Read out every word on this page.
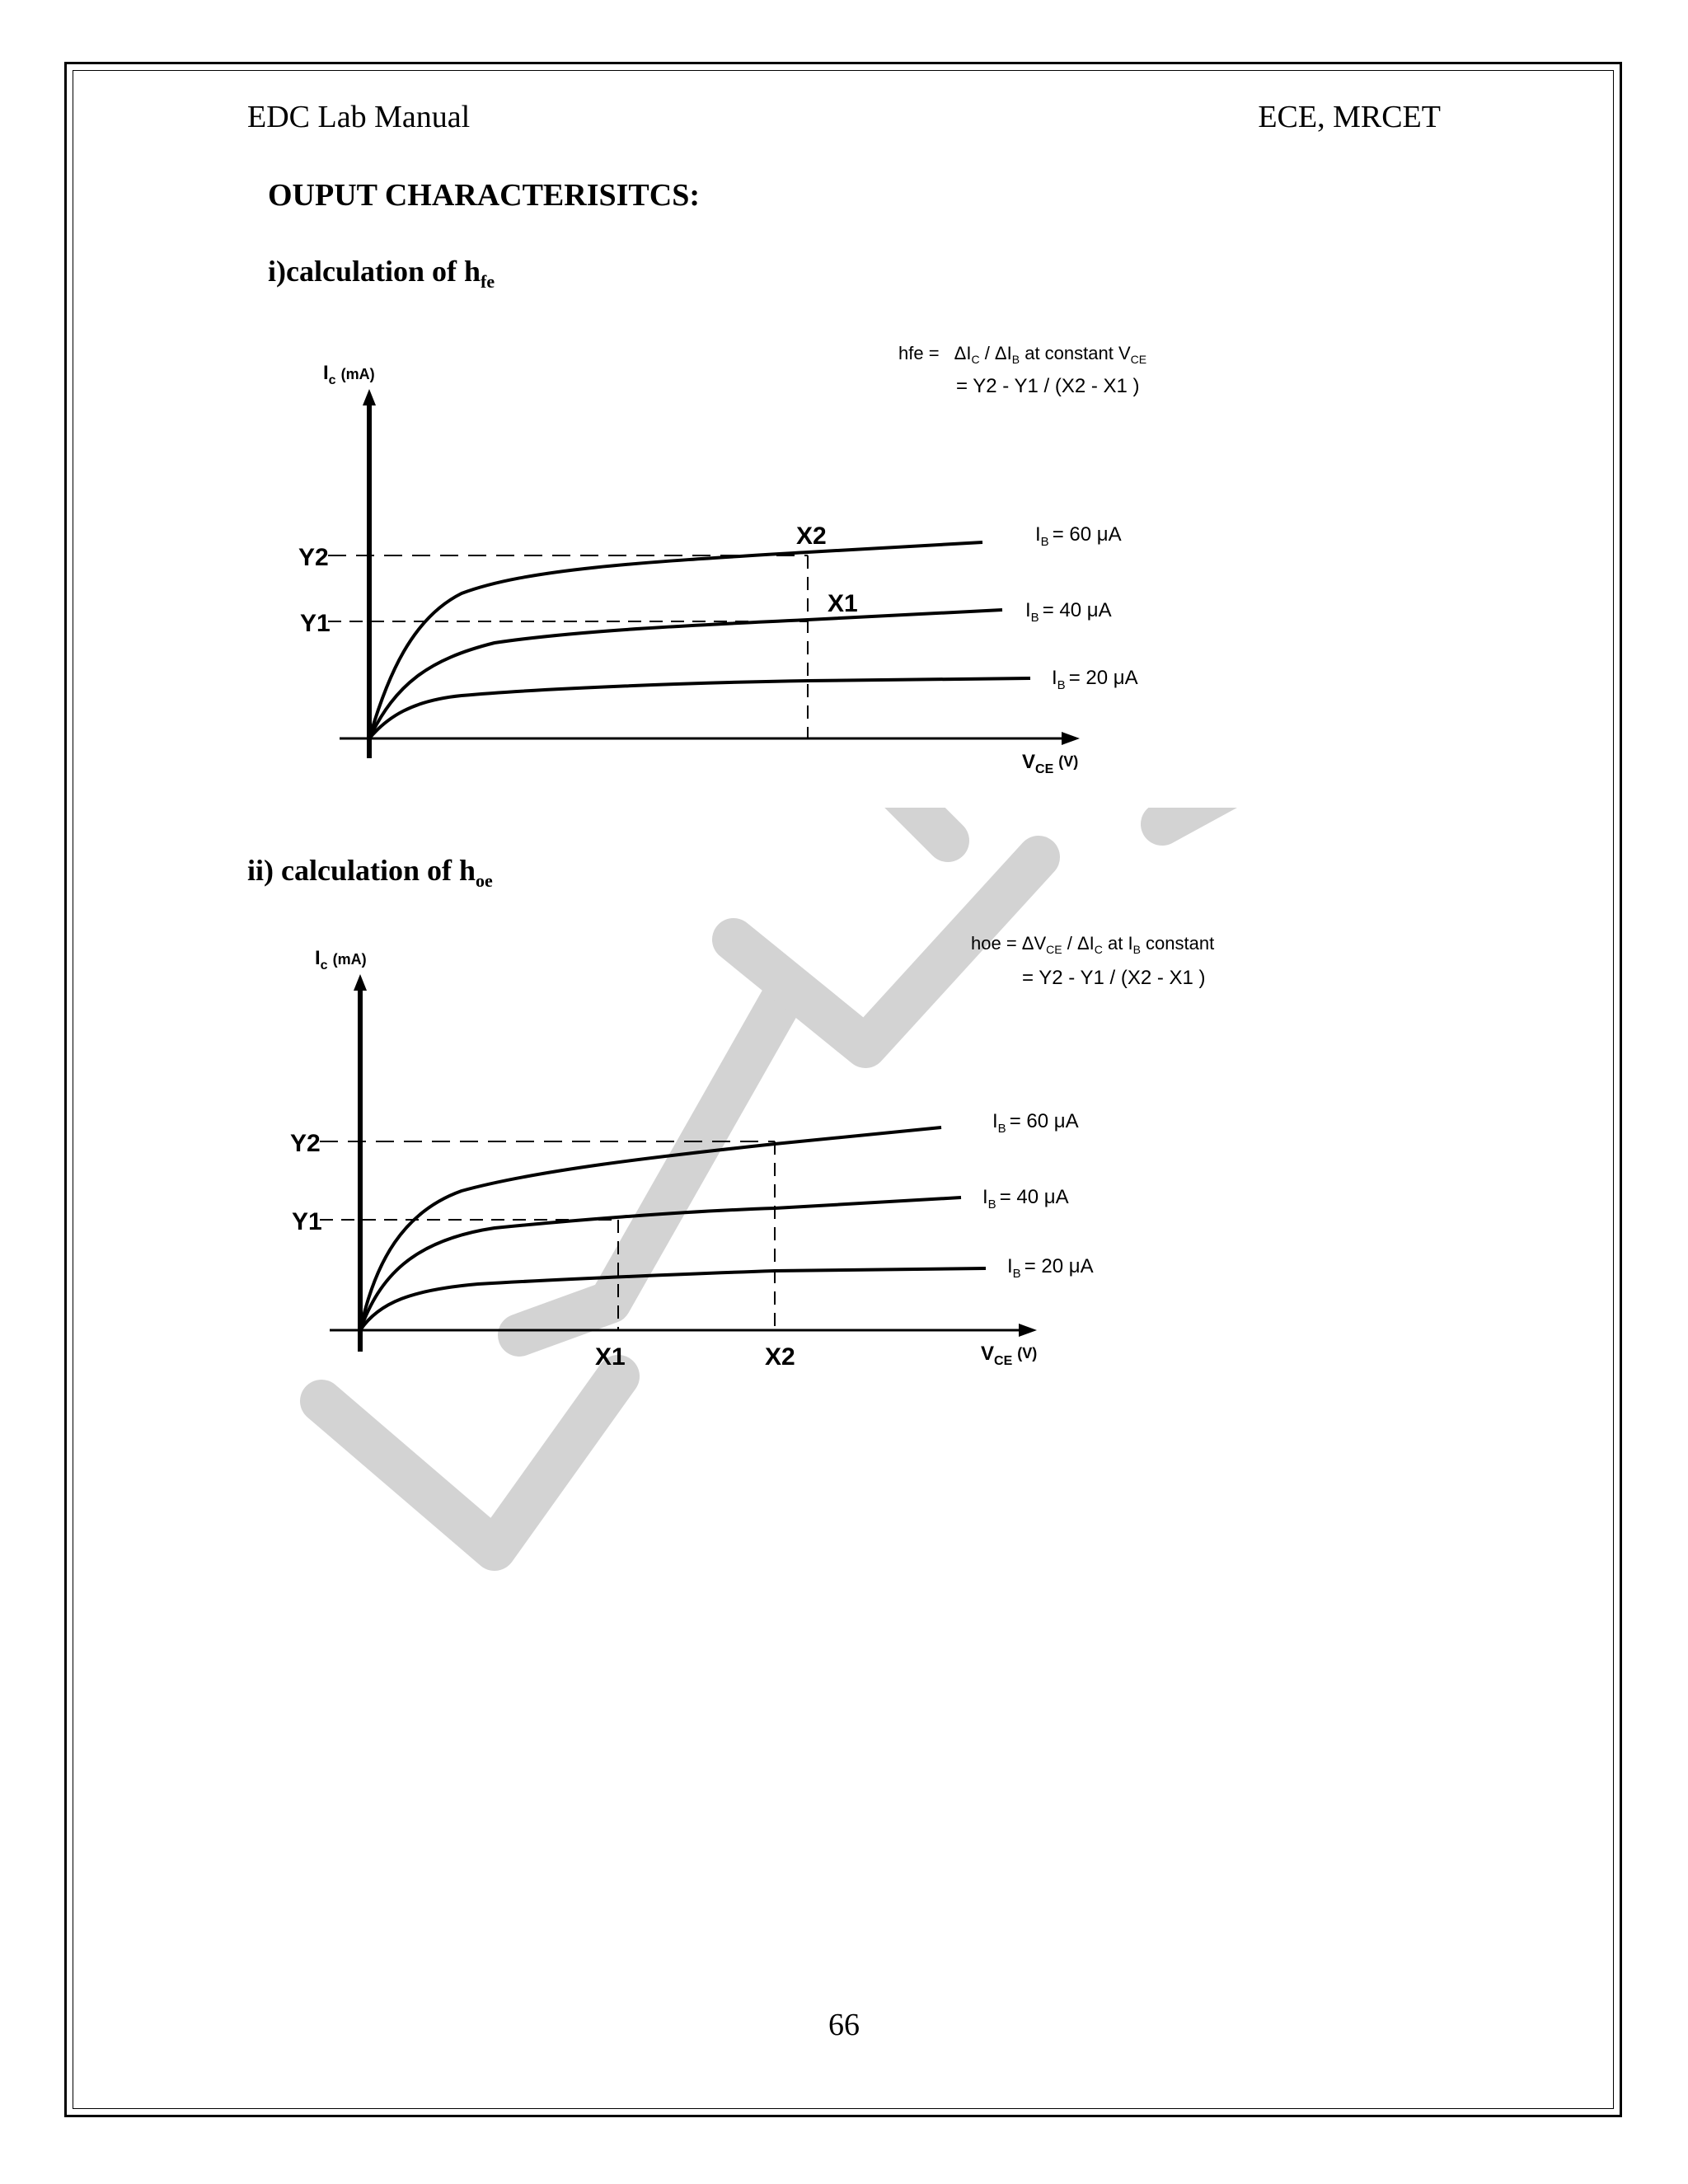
EDC Lab Manual	ECE, MRCET
OUPUT CHARACTERISITCS:
i)calculation of $h_{fe}$
ii) calculation of $h_{oe}$
$I_c$ $^{(mA)}$
$V_{CE}$ $^{(V)}$
Y2
Y1
X2
X1
$I_B = 60$ μA
$I_B = 40$ μA
$I_B = 20$ μA
hfe = $\Delta I_C / \Delta I_B$ at constant $V_{CE}$
= Y2 - Y1 / (X2 - X1 )
$I_c$ $^{(mA)}$
$V_{CE}$ $^{(V)}$
Y2
Y1
X1	X2
$I_B = 60$ μA
$I_B = 40$ μA
$I_B = 20$ μA
hoe = $\Delta V_{CE} / \Delta I_C$ at $I_B$ constant
= Y2 - Y1 / (X2 - X1 )
66
